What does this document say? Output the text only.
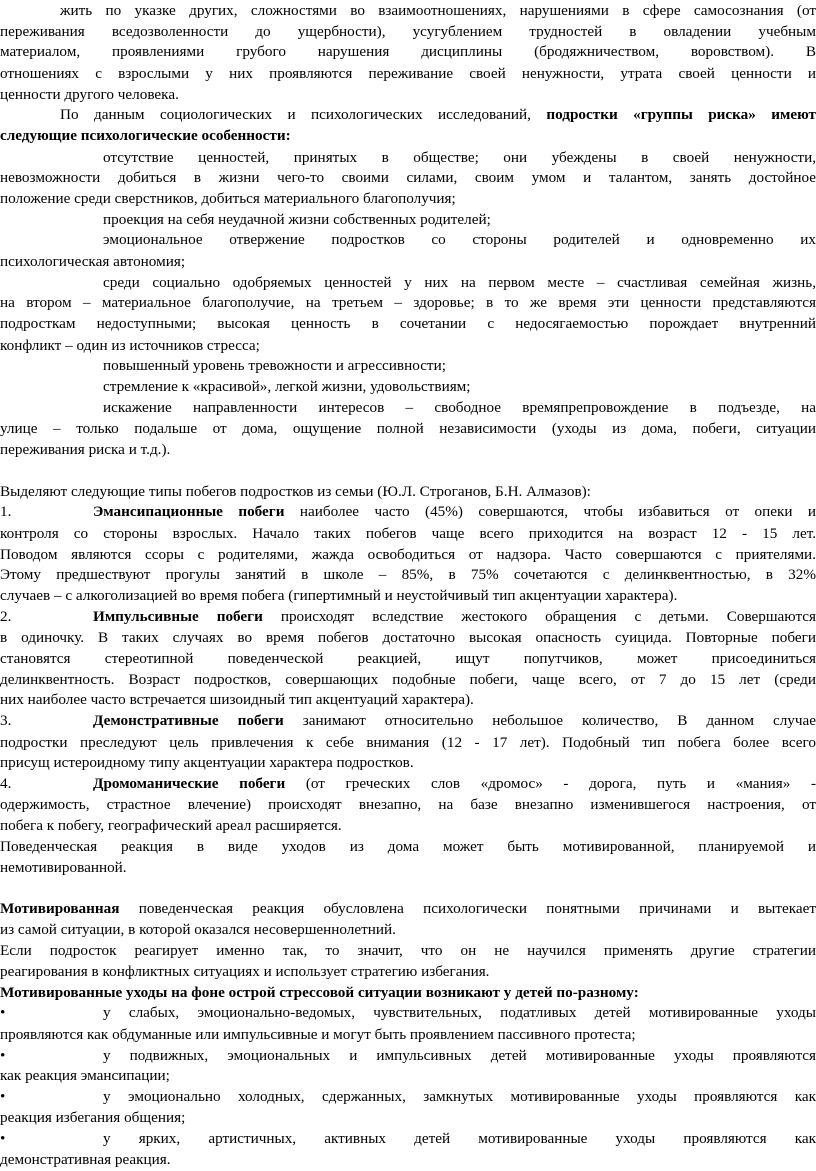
жить по указке других, сложностями во взаимоотношениях, нарушениями в сфере самосознания (от
переживания вседозволенности до ущербности), усугублением трудностей в овладении учебным
материалом, проявлениями грубого нарушения дисциплины (бродяжничеством, воровством). В
отношениях с взрослыми у них проявляются переживание своей ненужности, утрата своей ценности и
ценности другого человека.
По данным социологических и психологических исследований, подростки «группы риска» имеют
следующие психологические особенности:
отсутствие ценностей, принятых в обществе; они убеждены в своей ненужности,
невозможности добиться в жизни чего-то своими силами, своим умом и талантом, занять достойное
положение среди сверстников, добиться материального благополучия;
проекция на себя неудачной жизни собственных родителей;
эмоциональное отвержение подростков со стороны родителей и одновременно их
психологическая автономия;
среди социально одобряемых ценностей у них на первом месте – счастливая семейная жизнь,
на втором – материальное благополучие, на третьем – здоровье; в то же время эти ценности представляются
подросткам недоступными; высокая ценность в сочетании с недосягаемостью порождает внутренний
конфликт – один из источников стресса;
повышенный уровень тревожности и агрессивности;
стремление к «красивой», легкой жизни, удовольствиям;
искажение направленности интересов – свободное времяпрепровождение в подъезде, на
улице – только подальше от дома, ощущение полной независимости (уходы из дома, побеги, ситуации
переживания риска и т.д.).
Выделяют следующие типы побегов подростков из семьи (Ю.Л. Строганов, Б.Н. Алмазов):
1.	Эмансипационные побеги наиболее часто (45%) совершаются, чтобы избавиться от опеки и
контроля со стороны взрослых. Начало таких побегов чаще всего приходится на возраст 12 - 15 лет.
Поводом являются ссоры с родителями, жажда освободиться от надзора. Часто совершаются с приятелями.
Этому предшествуют прогулы занятий в школе – 85%, в 75% сочетаются с делинквентностью, в 32%
случаев – с алкоголизацией во время побега (гипертимный и неустойчивый тип акцентуации характера).
2.	Импульсивные побеги происходят вследствие жестокого обращения с детьми. Совершаются
в одиночку. В таких случаях во время побегов достаточно высокая опасность суицида. Повторные побеги
становятся стереотипной поведенческой реакцией, ищут попутчиков, может присоединиться
делинквентность. Возраст подростков, совершающих подобные побеги, чаще всего, от 7 до 15 лет (среди
них наиболее часто встречается шизоидный тип акцентуаций характера).
3.	Демонстративные побеги занимают относительно небольшое количество, В данном случае
подростки преследуют цель привлечения к себе внимания (12 - 17 лет). Подобный тип побега более всего
присущ истероидному типу акцентуации характера подростков.
4.	Дромоманические побеги (от греческих слов «дромос» - дорога, путь и «мания» -
одержимость, страстное влечение) происходят внезапно, на базе внезапно изменившегося настроения, от
побега к побегу, географический ареал расширяется.
Поведенческая реакция в виде уходов из дома может быть мотивированной, планируемой и
немотивированной.
Мотивированная поведенческая реакция обусловлена психологически понятными причинами и вытекает
из самой ситуации, в которой оказался несовершеннолетний.
Если подросток реагирует именно так, то значит, что он не научился применять другие стратегии
реагирования в конфликтных ситуациях и использует стратегию избегания.
Мотивированные уходы на фоне острой стрессовой ситуации возникают у детей по-разному:
•	у слабых, эмоционально-ведомых, чувствительных, податливых детей мотивированные уходы
проявляются как обдуманные или импульсивные и могут быть проявлением пассивного протеста;
•	у подвижных, эмоциональных и импульсивных детей мотивированные уходы проявляются
как реакция эмансипации;
•	у эмоционально холодных, сдержанных, замкнутых мотивированные уходы проявляются как
реакция избегания общения;
•	у ярких, артистичных, активных детей мотивированные уходы проявляются как
демонстративная реакция.
